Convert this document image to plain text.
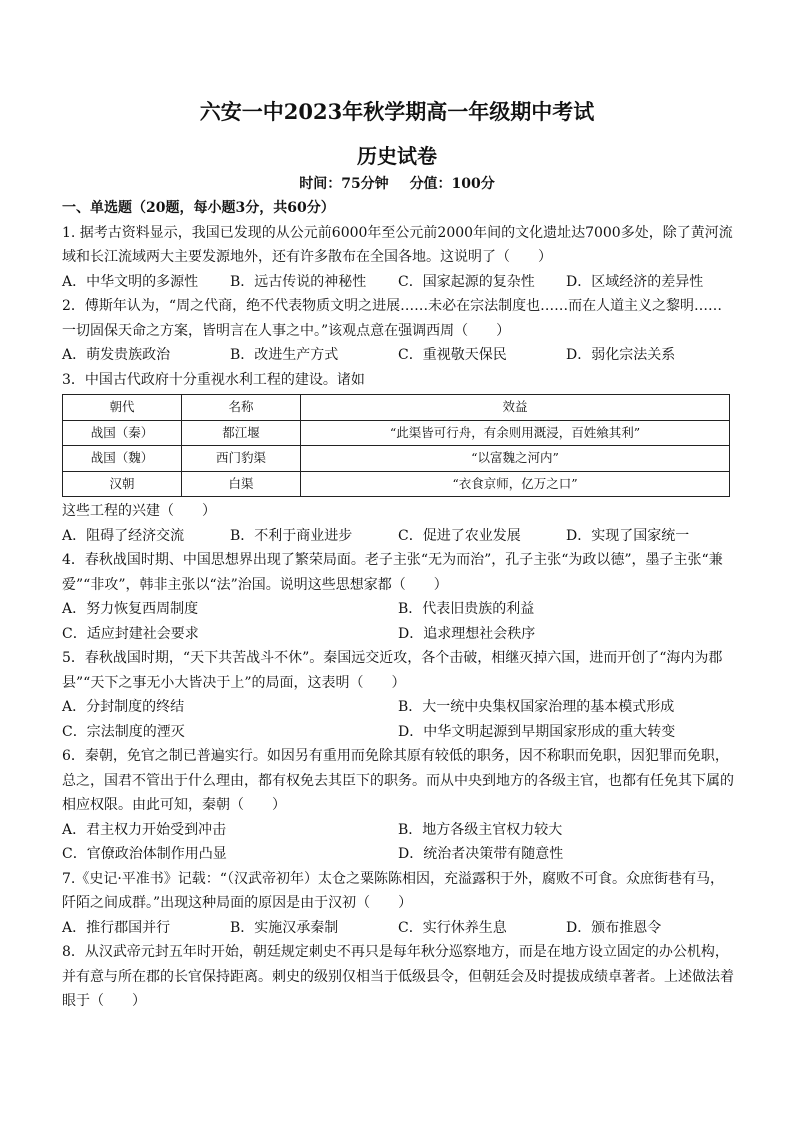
六安一中2023年秋学期高一年级期中考试
历史试卷
时间：75分钟 分值：100分
一、单选题（20题，每小题3分，共60分）

1. 据考古资料显示，我国已发现的从公元前6000年至公元前2000年间的文化遗址达7000多处，除了黄河流域和长江流域两大主要发源地外，还有许多散布在全国各地。这说明了（　　）

A．中华文明的多源性	B．远古传说的神秘性	C．国家起源的复杂性	D．区域经济的差异性

2．傅斯年认为，“周之代商，绝不代表物质文明之进展……未必在宗法制度也……而在人道主义之黎明……一切固保天命之方案，皆明言在人事之中。”该观点意在强调西周（　　）

A．萌发贵族政治	B．改进生产方式	C．重视敬天保民	D．弱化宗法关系

3．中国古代政府十分重视水利工程的建设。诸如

朝代	名称	效益
战国（秦）	都江堰	“此渠皆可行舟，有余则用溉浸，百姓飨其利”
战国（魏）	西门豹渠	“以富魏之河内”
汉朝	白渠	“衣食京师，亿万之口”

这些工程的兴建（　　）

A．阻碍了经济交流	B．不利于商业进步	C．促进了农业发展	D．实现了国家统一

4．春秋战国时期、中国思想界出现了繁荣局面。老子主张“无为而治”，孔子主张“为政以德”，墨子主张“兼爱”“非攻”，韩非主张以“法”治国。说明这些思想家都（　　）

A．努力恢复西周制度	B．代表旧贵族的利益
C．适应封建社会要求	D．追求理想社会秩序

5．春秋战国时期，“天下共苦战斗不休”。秦国远交近攻，各个击破，相继灭掉六国，进而开创了“海内为郡县”“天下之事无小大皆决于上”的局面，这表明（　　）

A．分封制度的终结	B．大一统中央集权国家治理的基本模式形成
C．宗法制度的湮灭	D．中华文明起源到早期国家形成的重大转变

6．秦朝，免官之制已普遍实行。如因另有重用而免除其原有较低的职务，因不称职而免职，因犯罪而免职，总之，国君不管出于什么理由，都有权免去其臣下的职务。而从中央到地方的各级主官，也都有任免其下属的相应权限。由此可知，秦朝（　　）

A．君主权力开始受到冲击	B．地方各级主官权力较大
C．官僚政治体制作用凸显	D．统治者决策带有随意性

7.《史记·平准书》记载：“（汉武帝初年）太仓之粟陈陈相因，充溢露积于外，腐败不可食。众庶街巷有马，阡陌之间成群。”出现这种局面的原因是由于汉初（　　）

A．推行郡国并行	B．实施汉承秦制	C．实行休养生息	D．颁布推恩令

8．从汉武帝元封五年时开始，朝廷规定刺史不再只是每年秋分巡察地方，而是在地方设立固定的办公机构，并有意与所在郡的长官保持距离。刺史的级别仅相当于低级县令，但朝廷会及时提拔成绩卓著者。上述做法着眼于（　　）
